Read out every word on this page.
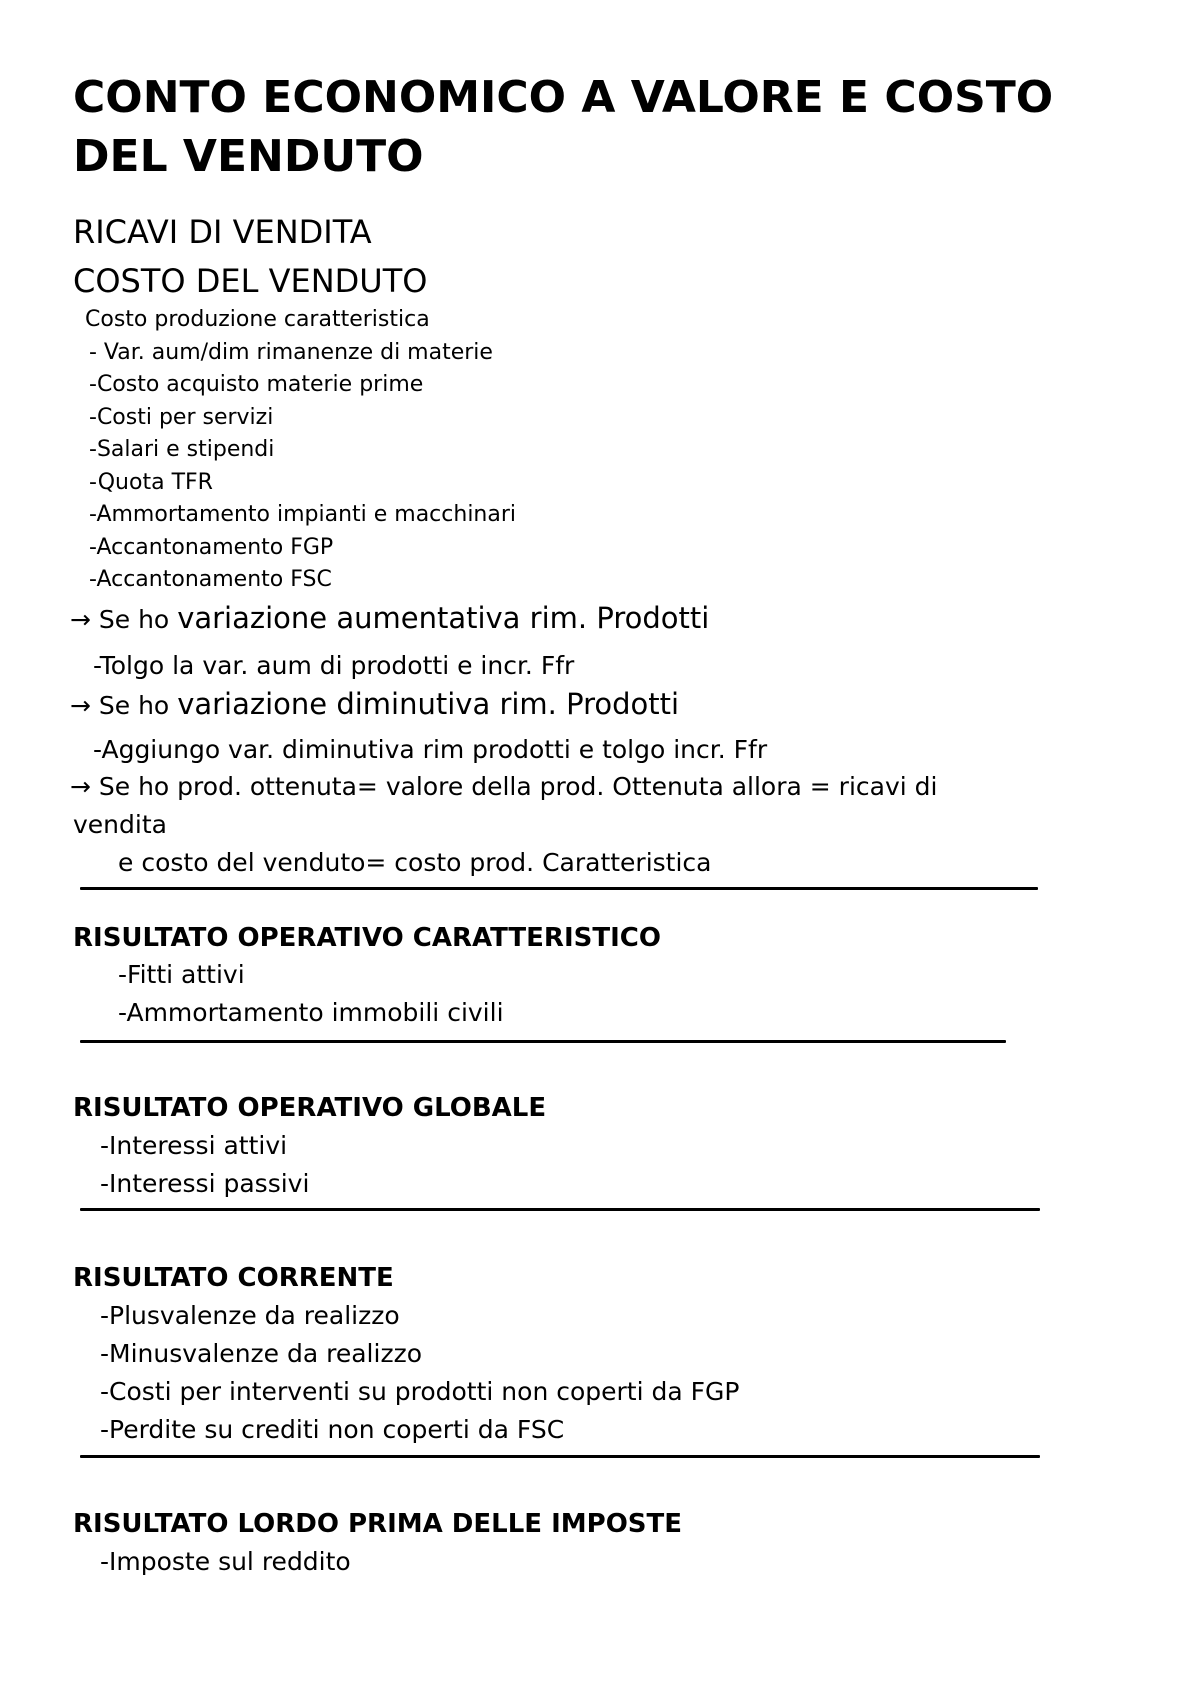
CONTO ECONOMICO A VALORE E COSTO
DEL VENDUTO
RICAVI DI VENDITA
COSTO DEL VENDUTO
Costo produzione caratteristica
- Var. aum/dim rimanenze di materie
-Costo acquisto materie prime
-Costi per servizi
-Salari e stipendi
-Quota TFR
-Ammortamento impianti e macchinari
-Accantonamento FGP
-Accantonamento FSC
→ Se ho variazione aumentativa rim. Prodotti
-Tolgo la var. aum di prodotti e incr. Ffr
→ Se ho variazione diminutiva rim. Prodotti
-Aggiungo var. diminutiva rim prodotti e tolgo incr. Ffr
→ Se ho prod. ottenuta= valore della prod. Ottenuta allora = ricavi di
vendita
e costo del venduto= costo prod. Caratteristica
RISULTATO OPERATIVO CARATTERISTICO
-Fitti attivi
-Ammortamento immobili civili
RISULTATO OPERATIVO GLOBALE
-Interessi attivi
-Interessi passivi
RISULTATO CORRENTE
-Plusvalenze da realizzo
-Minusvalenze da realizzo
-Costi per interventi su prodotti non coperti da FGP
-Perdite su crediti non coperti da FSC
RISULTATO LORDO PRIMA DELLE IMPOSTE
-Imposte sul reddito
